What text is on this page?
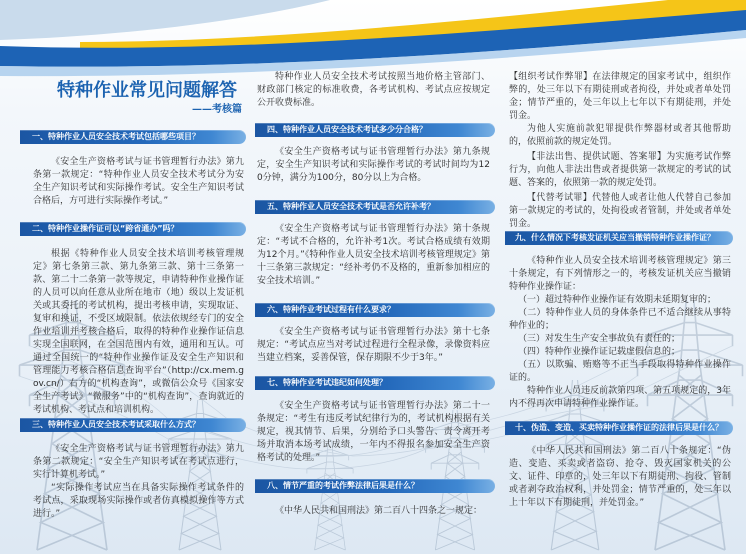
特种作业常见问题解答
——考核篇
一、特种作业人员安全技术考试包括哪些项目？

《安全生产资格考试与证书管理暂行办法》第九条第一款规定：“特种作业人员安全技术考试分为安全生产知识考试和实际操作考试。安全生产知识考试合格后，方可进行实际操作考试。”

二、特种作业操作证可以“跨省通办”吗？

根据《特种作业人员安全技术培训考核管理规定》第七条第三款、第九条第三款、第十三条第一款、第二十二条第一款等规定，申请特种作业操作证的人员可以向任意从业所在地市（地）级以上发证机关或其委托的考试机构，提出考核申请，实现取证、复审和换证，不受区域限制。依法依规经专门的安全作业培训并考核合格后，取得的特种作业操作证信息实现全国联网，在全国范围内有效，通用和互认。可通过全国统一的“特种作业操作证及安全生产知识和管理能力考核合格信息查询平台”（http://cx.mem.gov.cn/）右方的“机构查询”，或微信公众号《国家安全生产考试》“微服务”中的“机构查询”，查询就近的考试机构、考试点和培训机构。

三、特种作业人员安全技术考试采取什么方式？

《安全生产资格考试与证书管理暂行办法》第九条第二款规定：“安全生产知识考试在考试点进行，实行计算机考试。”

“实际操作考试应当在具备实际操作考试条件的考试点，采取现场实际操作或者仿真模拟操作等方式进行。”

特种作业人员安全技术考试按照当地价格主管部门、财政部门核定的标准收费，各考试机构、考试点应按规定公开收费标准。

四、特种作业人员安全技术考试多少分合格？

《安全生产资格考试与证书管理暂行办法》第九条规定，安全生产知识考试和实际操作考试的考试时间均为120分钟，满分为100分，80分以上为合格。

五、特种作业人员安全技术考试是否允许补考？

《安全生产资格考试与证书管理暂行办法》第十条规定：“考试不合格的，允许补考1次。考试合格成绩有效期为12个月。”《特种作业人员安全技术培训考核管理规定》第十三条第三款规定：“经补考仍不及格的，重新参加相应的安全技术培训。”

六、特种作业考试过程有什么要求？

《安全生产资格考试与证书管理暂行办法》第十七条规定：“考试点应当对考试过程进行全程录像，录像资料应当建立档案，妥善保管，保存期限不少于3年。”

七、特种作业考试违纪如何处理？

《安全生产资格考试与证书管理暂行办法》第二十一条规定：“考生有违反考试纪律行为的，考试机构根据有关规定，视其情节、后果，分别给予口头警告、责令离开考场并取消本场考试成绩，一年内不得报名参加安全生产资格考试的处理。”

八、情节严重的考试作弊法律后果是什么？

《中华人民共和国刑法》第二百八十四条之一规定：

【组织考试作弊罪】在法律规定的国家考试中，组织作弊的，处三年以下有期徒刑或者拘役，并处或者单处罚金；情节严重的，处三年以上七年以下有期徒刑，并处罚金。

为他人实施前款犯罪提供作弊器材或者其他帮助的，依照前款的规定处罚。

【非法出售、提供试题、答案罪】为实施考试作弊行为，向他人非法出售或者提供第一款规定的考试的试题、答案的，依照第一款的规定处罚。

【代替考试罪】代替他人或者让他人代替自己参加第一款规定的考试的，处拘役或者管制，并处或者单处罚金。

九、什么情况下考核发证机关应当撤销特种作业操作证？

《特种作业人员安全技术培训考核管理规定》第三十条规定，有下列情形之一的，考核发证机关应当撤销特种作业操作证：

（一）超过特种作业操作证有效期未延期复审的；

（二）特种作业人员的身体条件已不适合继续从事特种作业的；

（三）对发生生产安全事故负有责任的；

（四）特种作业操作证记载虚假信息的；

（五）以欺骗、贿赂等不正当手段取得特种作业操作证的。

特种作业人员违反前款第四项、第五项规定的，3年内不得再次申请特种作业操作证。

十、伪造、变造、买卖特种作业操作证的法律后果是什么？

《中华人民共和国刑法》第二百八十条规定：“伪造、变造、买卖或者盗窃、抢夺、毁灭国家机关的公文、证件、印章的，处三年以下有期徒刑、拘役、管制或者剥夺政治权利，并处罚金；情节严重的，处三年以上十年以下有期徒刑，并处罚金。”
